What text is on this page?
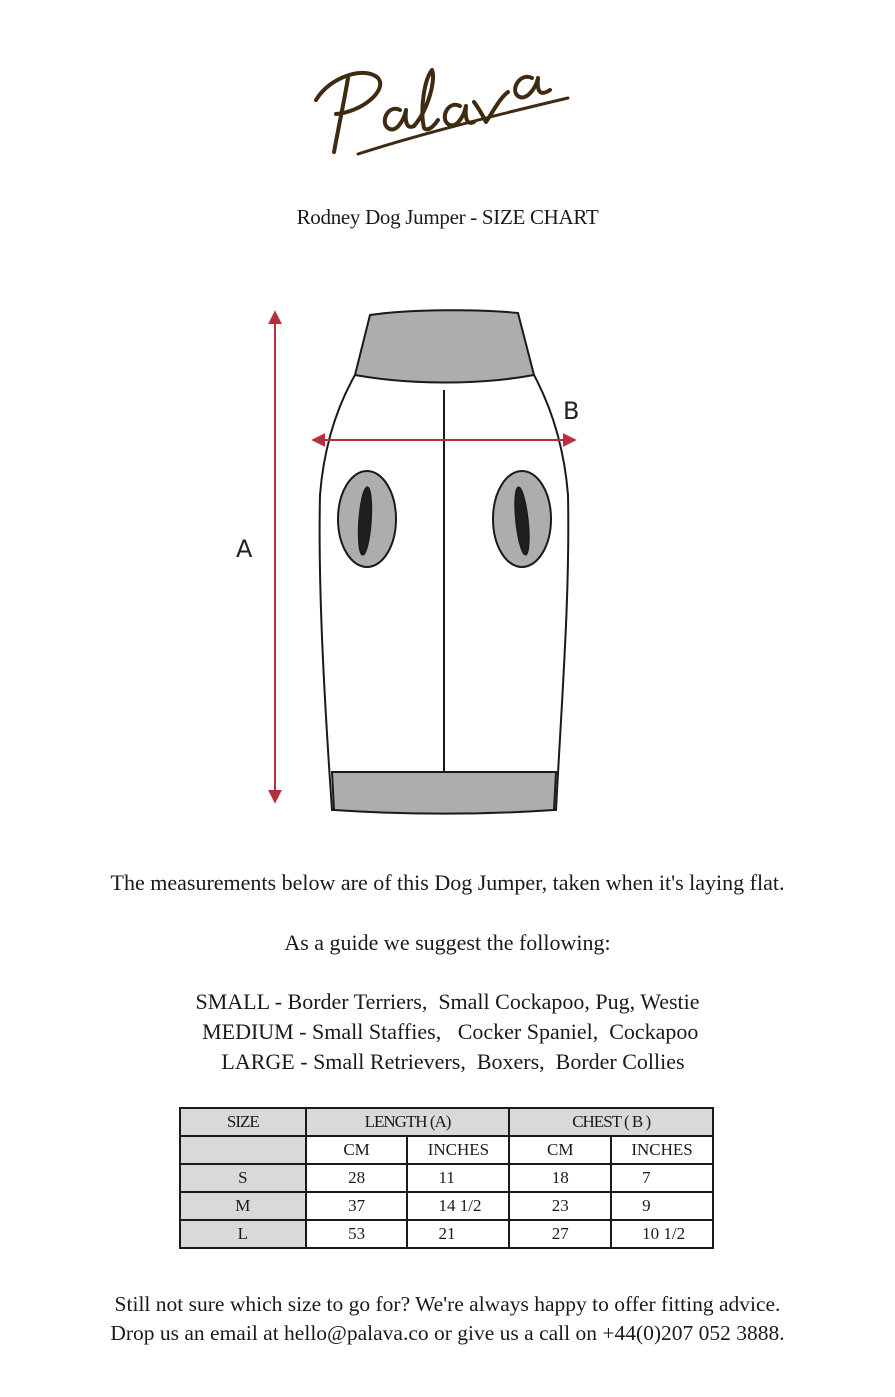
Palava
Rodney Dog Jumper - SIZE CHART
A
B
The measurements below are of this Dog Jumper, taken when it's laying flat.
As a guide we suggest the following:
SMALL - Border Terriers,  Small Cockapoo, Pug, Westie
MEDIUM - Small Staffies,   Cocker Spaniel,  Cockapoo
LARGE - Small Retrievers,  Boxers,  Border Collies
SIZE	LENGTH (A)		CHEST ( B )	
	CM	INCHES	CM	INCHES
S	28	11	18	7
M	37	14 1/2	23	9
L	53	21	27	10 1/2
Still not sure which size to go for? We're always happy to offer fitting advice.
Drop us an email at hello@palava.co or give us a call on +44(0)207 052 3888.
